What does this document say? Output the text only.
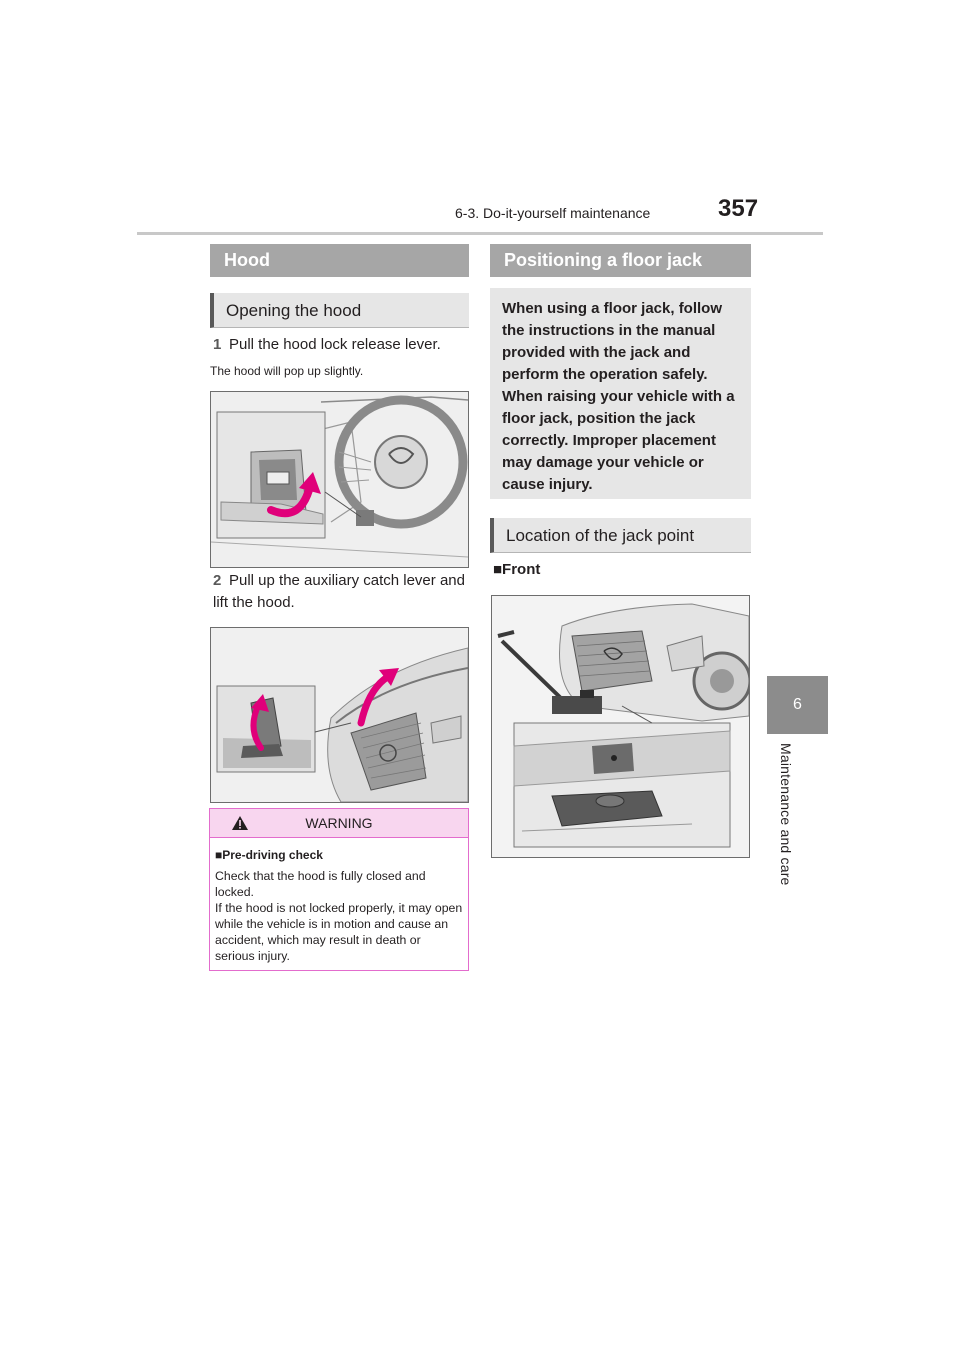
6-3. Do-it-yourself maintenance	357
6
Maintenance and care
Hood
Opening the hood
1 Pull the hood lock release lever.
The hood will pop up slightly.
2 Pull up the auxiliary catch lever and lift the hood.
WARNING
■Pre-driving check
Check that the hood is fully closed and locked.
If the hood is not locked properly, it may open while the vehicle is in motion and cause an accident, which may result in death or serious injury.
Positioning a floor jack

When using a floor jack, follow the instructions in the manual provided with the jack and perform the operation safely.
When raising your vehicle with a floor jack, position the jack correctly. Improper placement may damage your vehicle or cause injury.

Location of the jack point
■Front
